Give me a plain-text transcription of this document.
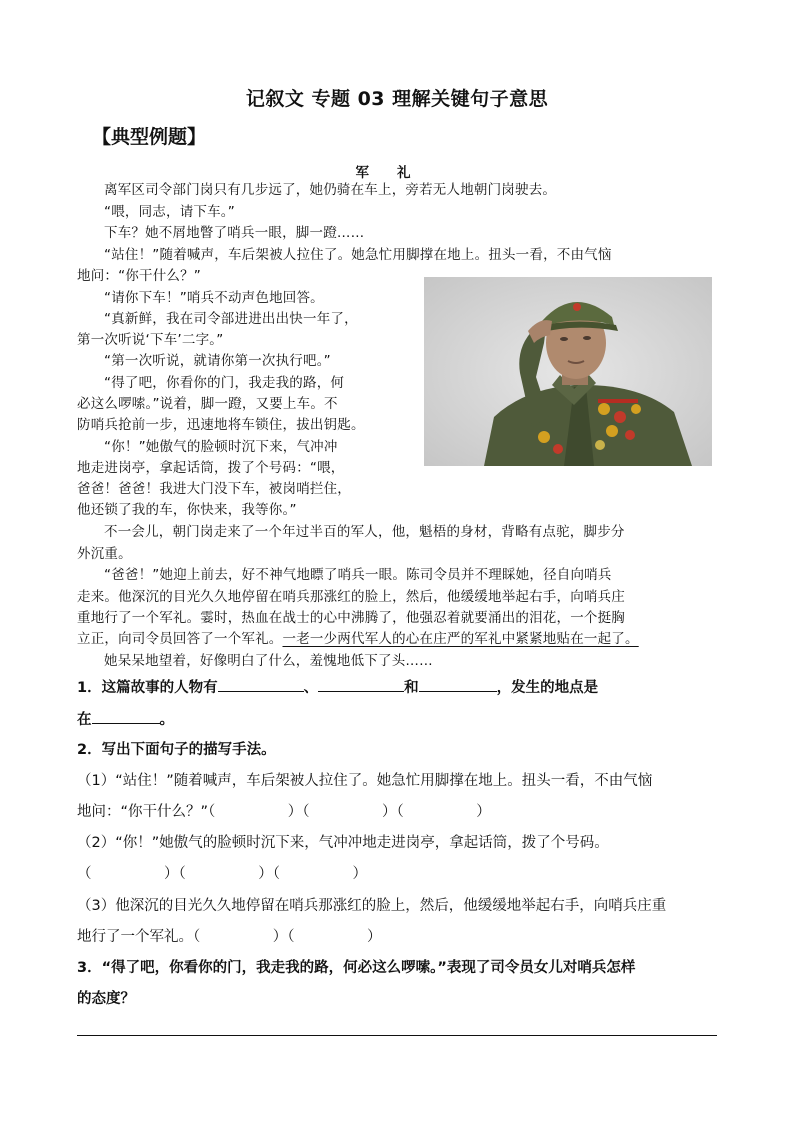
记叙文 专题 03 理解关键句子意思
【典型例题】
军礼
离军区司令部门岗只有几步远了，她仍骑在车上，旁若无人地朝门岗驶去。
“喂，同志，请下车。”
下车？她不屑地瞥了哨兵一眼，脚一蹬……
“站住！”随着喊声，车后架被人拉住了。她急忙用脚撑在地上。扭头一看，不由气恼
地问：“你干什么？”
“请你下车！”哨兵不动声色地回答。
“真新鲜，我在司令部进进出出快一年了，
第一次听说‘下车’二字。”
“第一次听说，就请你第一次执行吧。”
“得了吧，你看你的门，我走我的路，何
必这么啰嗦。”说着，脚一蹬，又要上车。不
防哨兵抢前一步，迅速地将车锁住，拔出钥匙。
“你！”她傲气的脸顿时沉下来，气冲冲
地走进岗亭，拿起话筒，拨了个号码：“喂，
爸爸！爸爸！我进大门没下车，被岗哨拦住，
他还锁了我的车，你快来，我等你。”
不一会儿，朝门岗走来了一个年过半百的军人，他，魁梧的身材，背略有点驼，脚步分
外沉重。
“爸爸！”她迎上前去，好不神气地瞟了哨兵一眼。陈司令员并不理睬她，径自向哨兵
走来。他深沉的目光久久地停留在哨兵那涨红的脸上，然后，他缓缓地举起右手，向哨兵庄
重地行了一个军礼。霎时，热血在战士的心中沸腾了，他强忍着就要涌出的泪花，一个挺胸
立正，向司令员回答了一个军礼。一老一少两代军人的心在庄严的军礼中紧紧地贴在一起了。
她呆呆地望着，好像明白了什么，羞愧地低下了头……
1．这篇故事的人物有	、	和	，发生的地点是
在	。
2．写出下面句子的描写手法。
（1）“站住！”随着喊声，车后架被人拉住了。她急忙用脚撑在地上。扭头一看，不由气恼
地问：“你干什么？”（　　　　　）（　　　　　）（　　　　　）
（2）“你！”她傲气的脸顿时沉下来，气冲冲地走进岗亭，拿起话筒，拨了个号码。
（　　　　　）（　　　　　）（　　　　　）
（3）他深沉的目光久久地停留在哨兵那涨红的脸上，然后，他缓缓地举起右手，向哨兵庄重
地行了一个军礼。（　　　　　）（　　　　　）
3．“得了吧，你看你的门，我走我的路，何必这么啰嗦。”表现了司令员女儿对哨兵怎样
的态度？
